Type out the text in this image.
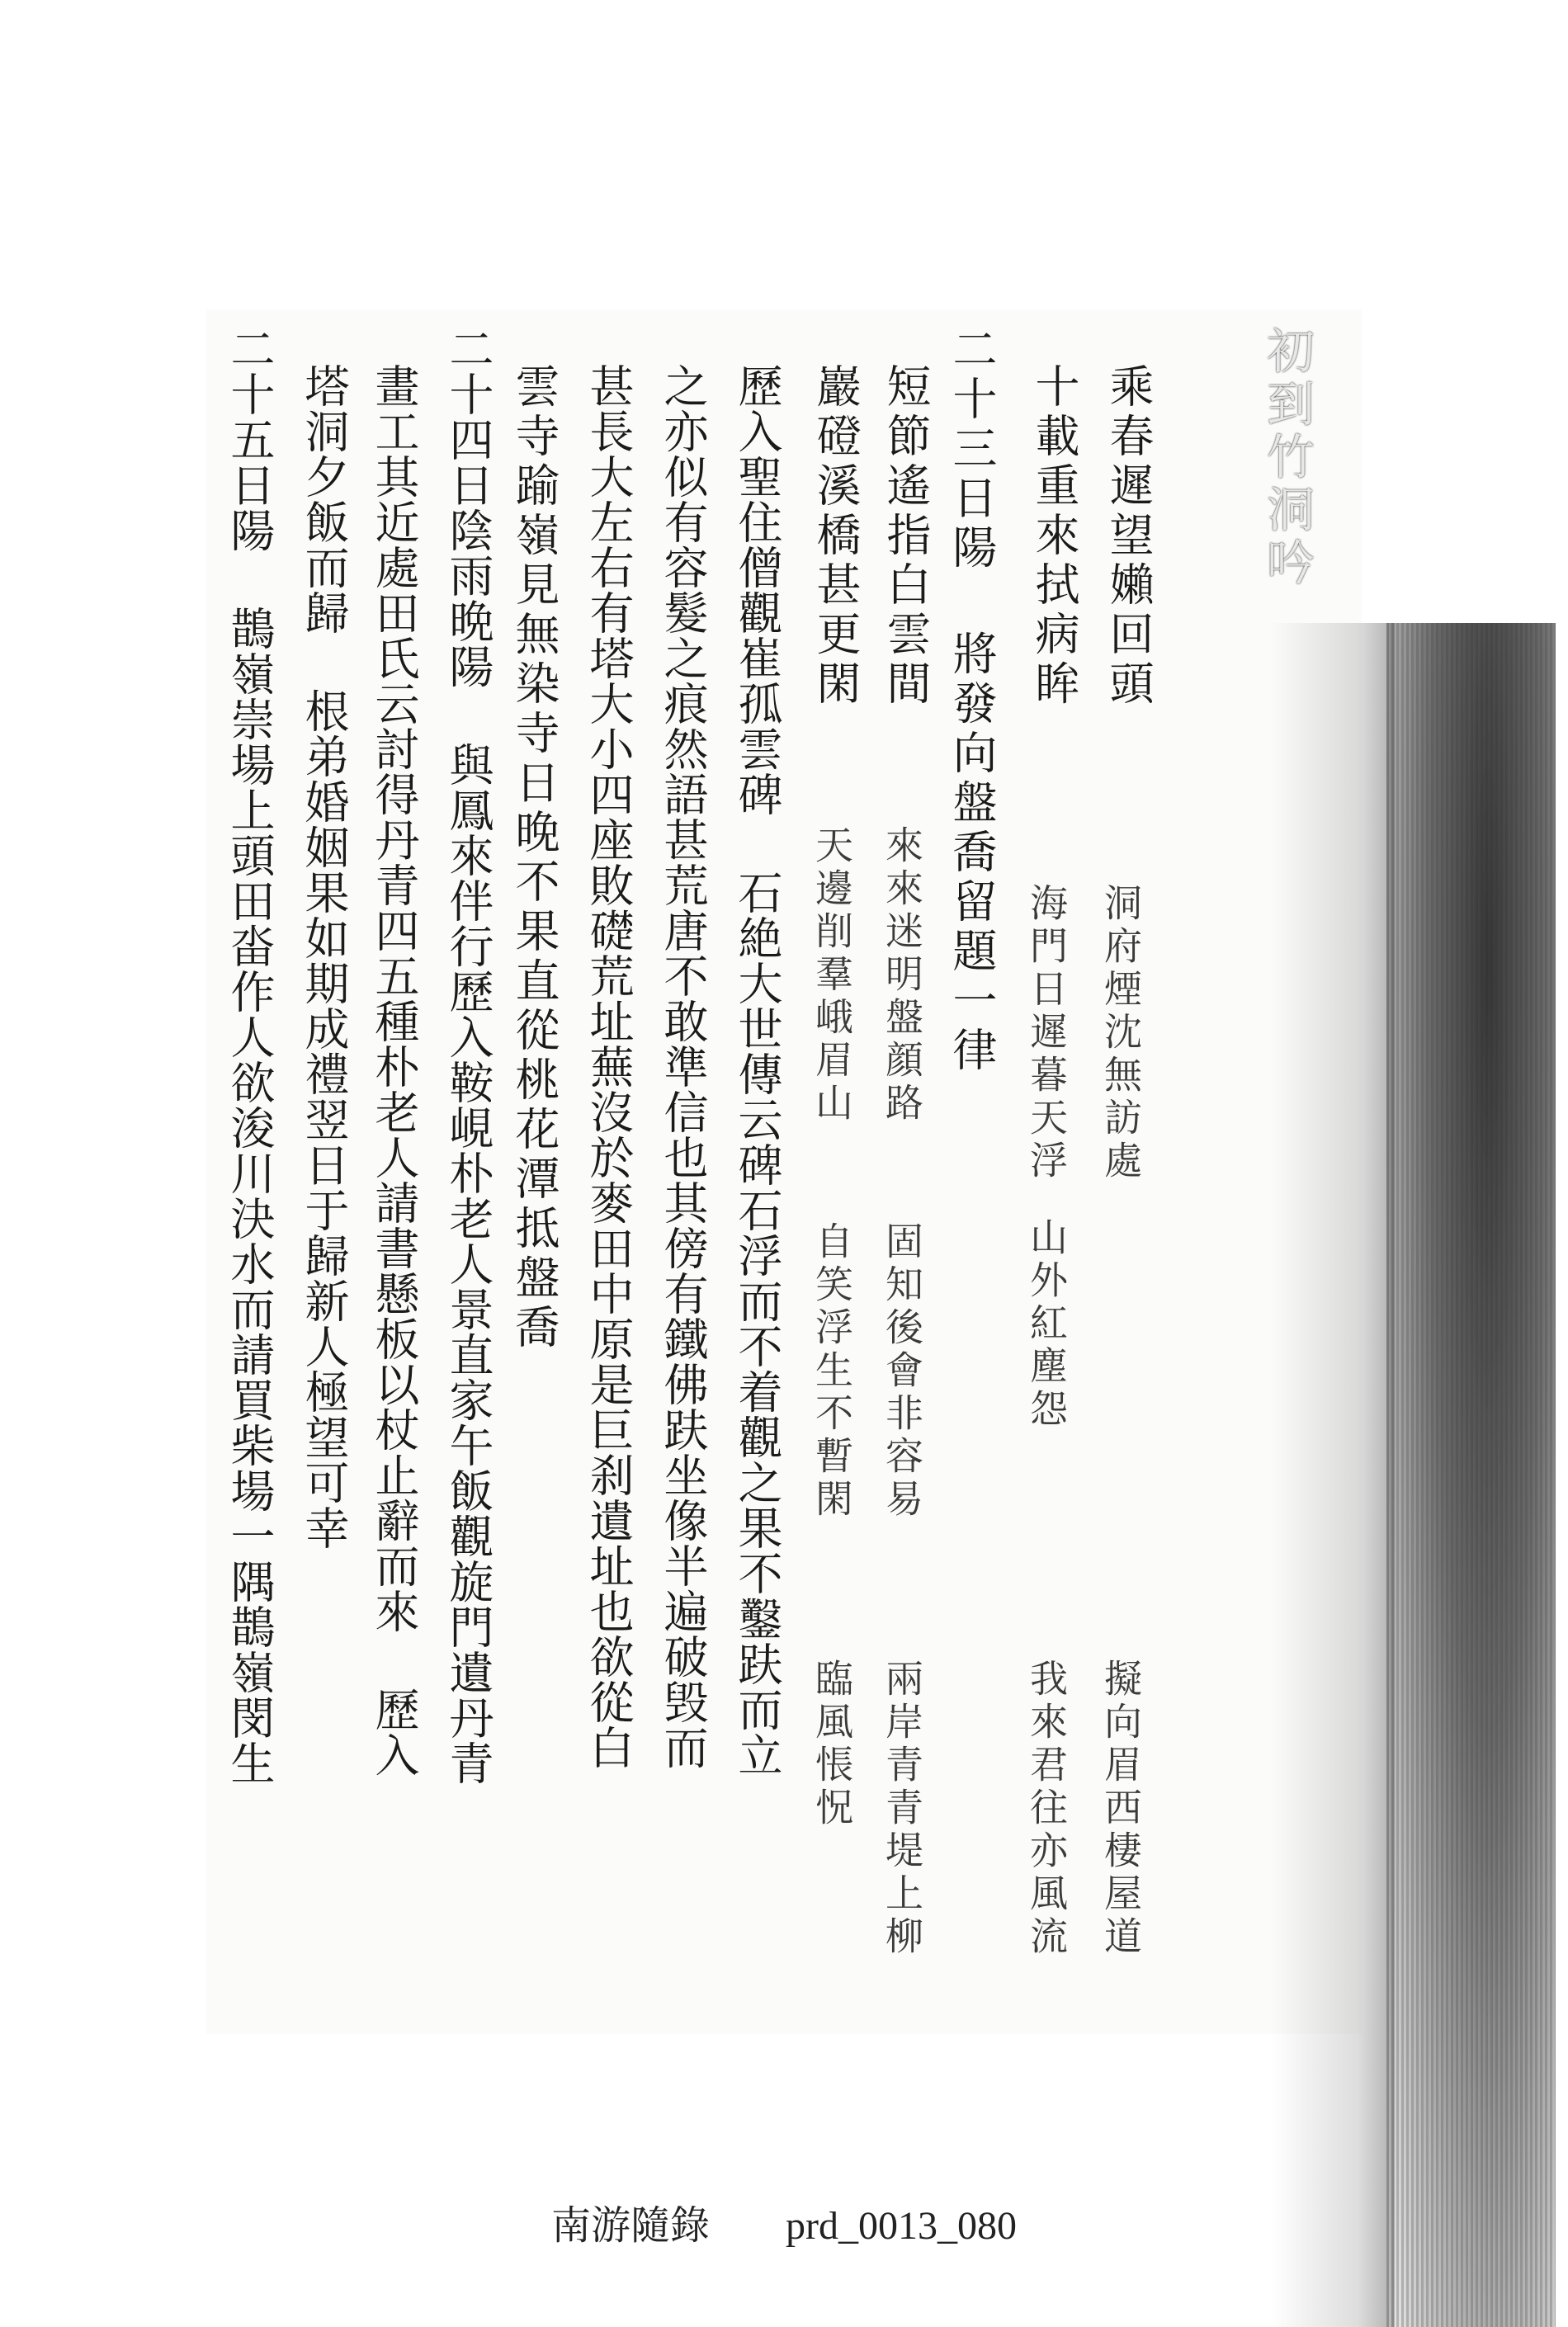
洞府煙沈無訪處
海門日遲暮天浮
山外紅塵怨
來來迷明盤顔路
天邊削羣峨眉山
自笑浮生不暫閑 固知後會非容易
臨風悵怳 兩岸青青堤上柳	我來君往亦風流 擬向眉西棲屋道
初到竹洞吟
乘春遲望嬾回頭
十載重來拭病眸
二十三日陽 將發向盤喬留題一律
短節遙指白雲間
巖磴溪橋甚更閑
歷入聖住僧觀崔孤雲碑 石絶大世傳云碑石浮而不着觀之果不鑿趺而立
之亦似有容髮之痕然語甚荒唐不敢準信也其傍有鐵佛趺坐像半遍破毁而
甚長大左右有塔大小四座敗礎荒址蕪沒於麥田中原是巨刹遺址也欲從白
雲寺踰嶺見無染寺日晚不果直從桃花潭抵盤喬
二十四日陰雨晩陽 與鳳來伴行歷入鞍峴朴老人景直家午飯觀旋門遺丹青
畫工其近處田氏云討得丹青四五種朴老人請書懸板以杖止辭而來 歷入
塔洞夕飯而歸 根弟婚姻果如期成禮翌日于歸新人極望可幸
二十五日陽 鵲嶺崇場上頭田畓作人欲浚川決水而請買柴場一隅鵲嶺閔生
南游隨錄 prd_0013_080
